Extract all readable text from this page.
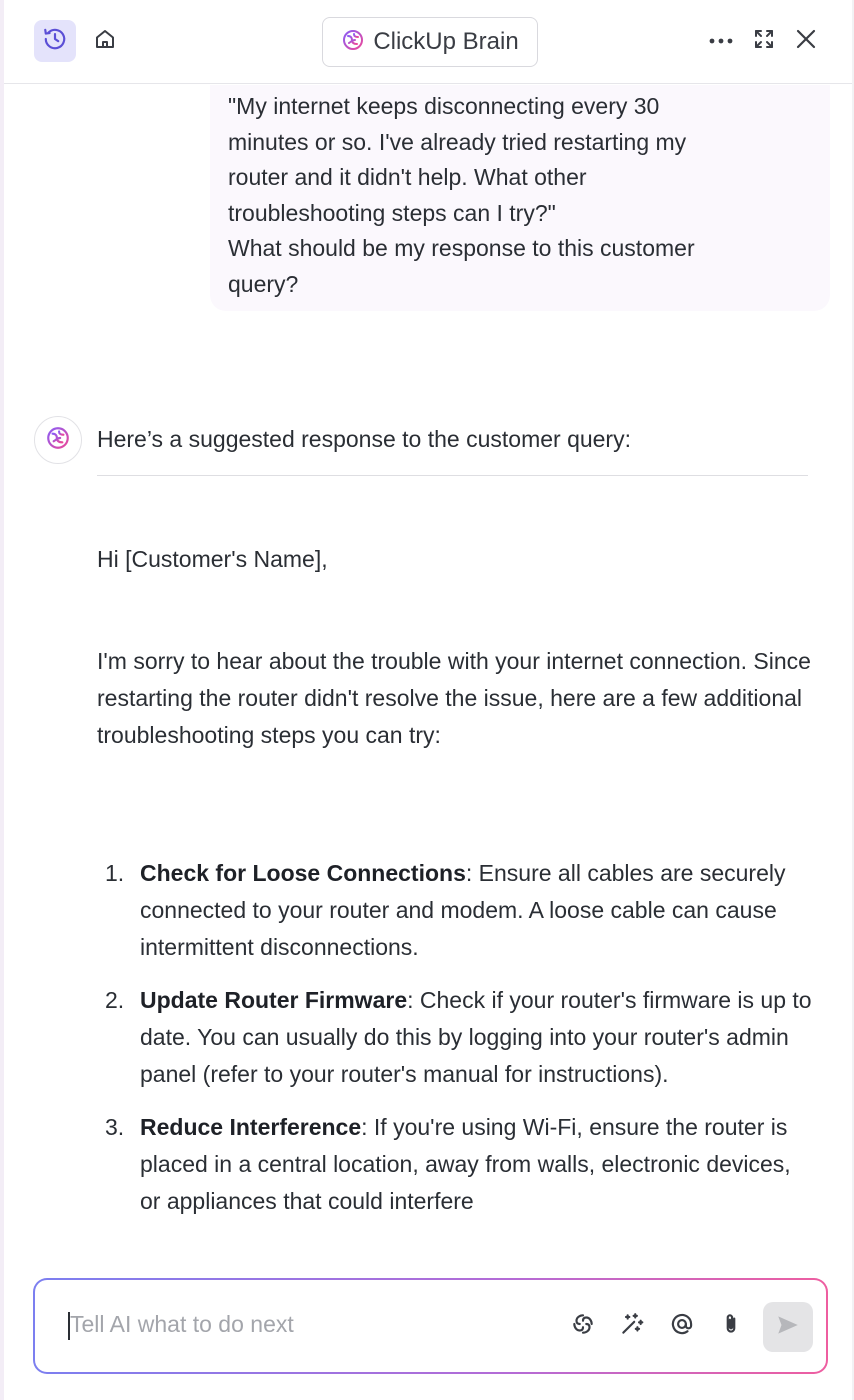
ClickUp Brain

"My internet keeps disconnecting every 30

minutes or so. I've already tried restarting my

router and it didn't help. What other

troubleshooting steps can I try?"

What should be my response to this customer

query?

Here’s a suggested response to the customer query:
Hi [Customer's Name],
I'm sorry to hear about the trouble with your internet connection. Since restarting the router didn't resolve the issue, here are a few additional troubleshooting steps you can try:
1. Check for Loose Connections: Ensure all cables are securely connected to your router and modem. A loose cable can cause intermittent disconnections.
2. Update Router Firmware: Check if your router's firmware is up to date. You can usually do this by logging into your router's admin panel (refer to your router's manual for instructions).
3. Reduce Interference: If you're using Wi-Fi, ensure the router is placed in a central location, away from walls, electronic devices, or appliances that could interfere
Tell AI what to do next
